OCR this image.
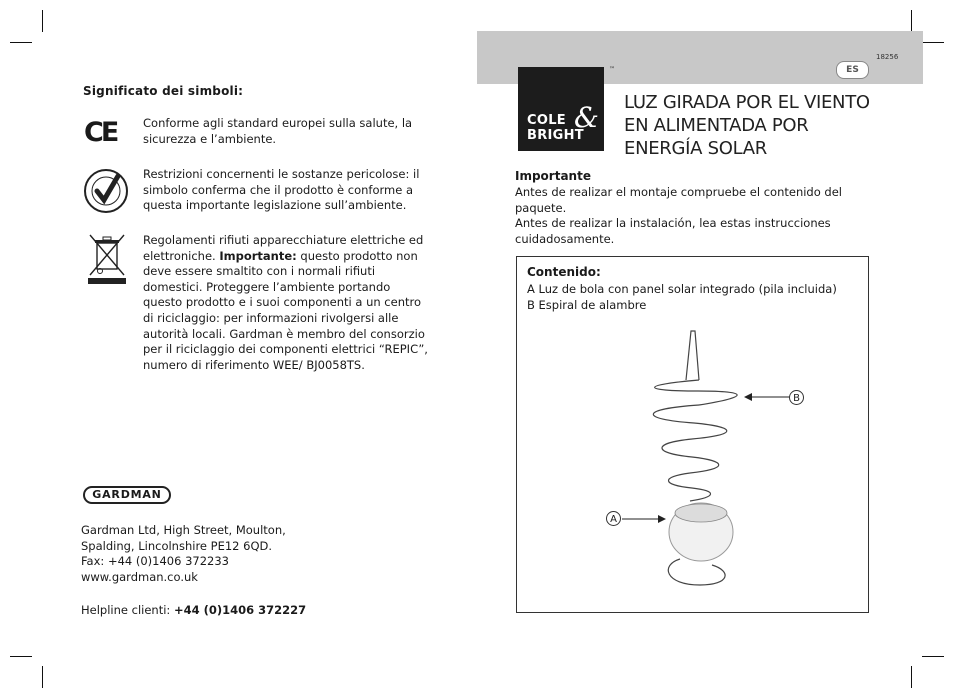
Significato dei simboli:
CE Conforme agli standard europei sulla salute, la sicurezza e l’ambiente.
Restrizioni concernenti le sostanze pericolose: il simbolo conferma che il prodotto è conforme a questa importante legislazione sull’ambiente.
Regolamenti rifiuti apparecchiature elettriche ed elettroniche. Importante: questo prodotto non deve essere smaltito con i normali rifiuti domestici. Proteggere l’ambiente portando questo prodotto e i suoi componenti a un centro di riciclaggio: per informazioni rivolgersi alle autorità locali. Gardman è membro del consorzio per il riciclaggio dei componenti elettrici “REPIC”, numero di riferimento WEE/ BJ0058TS.
GARDMAN
Gardman Ltd, High Street, Moulton,
Spalding, Lincolnshire PE12 6QD.
Fax: +44 (0)1406 372233
www.gardman.co.uk
Helpline clienti: +44 (0)1406 372227
18256
ES
™
COLE &
BRIGHT
LUZ GIRADA POR EL VIENTO
EN ALIMENTADA POR
ENERGÍA SOLAR
Importante
Antes de realizar el montaje compruebe el contenido del paquete.
Antes de realizar la instalación, lea estas instrucciones cuidadosamente.
Contenido:
A Luz de bola con panel solar integrado (pila incluida)
B Espiral de alambre
B
A
